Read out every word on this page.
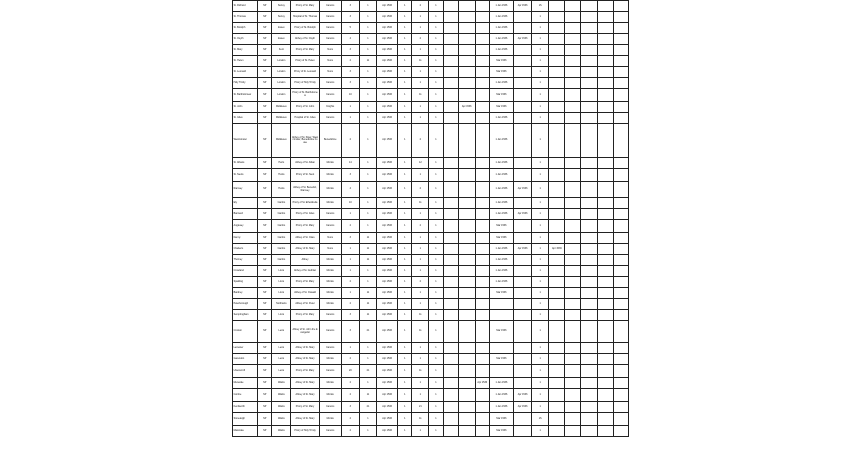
St. Richard	SP	Surrey	Priory of St. Mary	Canons	3	1	Apr 1536	1	2	1				1 Jan 1536	Apr 1536	1S					
St. Thomas	SP	Surrey	Hospital of St. Thomas	Canons	3	1	Apr 1536	1	1	1				1 Jan 1536		1					
St. Botolph	SP	Essex	Priory of St. Botolph	Canons	5	1	Apr 1536	1	1	1				1 Jan 1536		1					
St. Osyth	SP	Essex	Abbey of St. Osyth	Canons	4	1	Apr 1536	1	2	1				1 Jan 1536	Apr 1536	1					
St. Mary	SP	Kent	Priory of St. Mary	Nuns	3	1	Apr 1536	1	1	1				1 Jan 1536		1					
St. Helen	SP	London	Priory of St. Helen	Nuns	2	11	Apr 1536	1	11	1				Mar 1536		1					
St. Leonard	SP	London	Priory of St. Leonard	Nuns	3	1	Apr 1536	1	1	1				Mar 1536		1					
Holy Trinity	SP	London	Priory of Holy Trinity	Canons	3	1	Apr 1536	1	1	1				1 Jan 1536		1					
St. Bartholomew	SP	London	Priory of St. Bartholomew	Canons	10	1	Apr 1536	1	11	1				Mar 1536		1					
St. John	SP	Middlesex	Priory of St. John	Knights	1	1	Apr 1536	1	1	1		Apr 1536		Mar 1536		1					
St. Giles	SP	Middlesex	Hospital of St. Giles	Canons	1	1	Apr 1536	1	1	1				1 Jan 1536		1					
Westminster	SP	Middlesex	Abbey of St. Peter, Westminster, Benedictine house	Benedictine	2	1	Apr 1536	1	2	1				1 Jan 1536		1					
St. Albans	SP	Herts	Abbey of St. Alban	Monks	14	1	Apr 1536	1	12	1				1 Jan 1536		1					
St. Neots	SP	Hunts	Priory of St. Neot	Monks	3	1	Apr 1536	1	1	1				1 Jan 1536		1					
Ramsey	SP	Hunts	Abbey of St. Benedict, Ramsey	Monks	4	1	Apr 1536	1	2	1				1 Jan 1536	Apr 1536	1					
Ely	SP	Cambs	Priory of St. Etheldreda	Monks	10	1	Apr 1536	1	11	1				1 Jan 1536		1					
Barnwell	SP	Cambs	Priory of St. Giles	Canons	1	1	Apr 1536	1	1	1				1 Jan 1536	Apr 1536	1					
Anglesey	SP	Cambs	Priory of St. Mary	Canons	2	1	Apr 1536	1	2	1				Mar 1536		1					
Denny	SP	Cambs	Abbey of St. Clare	Nuns	3	11	Apr 1536	1	1	1				Mar 1536		1					
Chatteris	SP	Cambs	Abbey of St. Mary	Nuns	1	11	Apr 1536	1	1	1				1 Jan 1536	Apr 1536	1	Apr 1536				
Thorney	SP	Cambs	Abbey	Monks	1	11	Apr 1536	1	1	1				1 Jan 1536		1					
Crowland	SP	Lincs	Abbey of St. Guthlac	Monks	1	1	Apr 1536	1	1	1				1 Jan 1536		1					
Spalding	SP	Lincs	Priory of St. Mary	Monks	2	1	Apr 1536	1	2	1				1 Jan 1536		1					
Bardney	SP	Lincs	Abbey of St. Oswald	Monks	1	11	Apr 1536	1	1	1				Mar 1536		1					
Peterborough	SP	Northants	Abbey of St. Peter	Monks	2	11	Apr 1536	1	1	1						1					
Sempringham	SP	Lincs	Priory of St. Mary	Canons	3	11	Apr 1536	1	11	1						1					
Croxton	SP	Leics	Abbey of St. John the Evangelist	Canons	3	21	Apr 1536	1	11	1				Mar 1536		1					
Leicester	SP	Leics	Abbey of St. Mary	Canons	1	1	Apr 1536	1	1	1						1					
Garendon	SP	Leics	Abbey of St. Mary	Monks	2	1	Apr 1536	1	1	1				Mar 1536		1					
Ulverscroft	SP	Leics	Priory of St. Mary	Canons	20	21	Apr 1536	1	11	1						1					
Merevale	SP	Warks	Abbey of St. Mary	Monks	2	1	Apr 1536	1	1	1			Apr 1536	1 Jan 1536		1					
Combe	SP	Warks	Abbey of St. Mary	Monks	2	11	Apr 1536	1	1	1				1 Jan 1536	Apr 1536	1					
Kenilworth	SP	Warks	Priory of St. Mary	Canons	3	21	Apr 1536	1	21	1				1 Jan 1536	Apr 1536	1					
Stoneleigh	SP	Warks	Abbey of St. Mary	Monks	2	1	Apr 1536	1	11	1				Mar 1536		1S					
Maxstoke	SP	Warks	Priory of Holy Trinity	Canons	2	1	Apr 1536	1	1	1				Mar 1536		1					
